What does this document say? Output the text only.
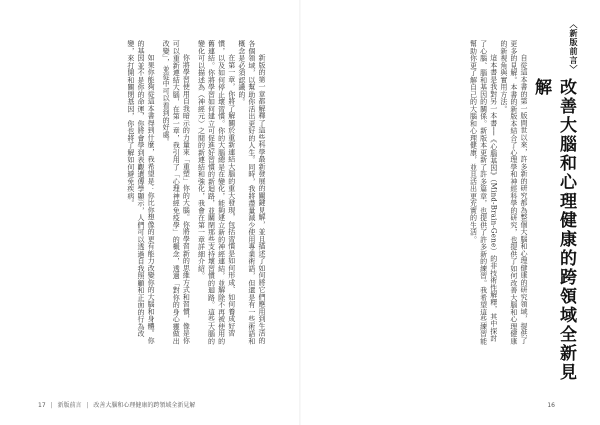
新版的第一章都解釋了這些科學最新發展的關鍵見解，並且描述了如何將它們應用到生活的各個領域，以幫助你活出更好的人生。同時，我將盡量減少使用專業術語，但還是有一些術語和概念是必須認識的。

在第一章，你將了解關於重新連結大腦的重大發現，包括習慣是如何形成、如何養成好習慣，以及如何停止壞習慣。你的大腦總是在變化，能夠建立新的神經連結，並解除不再被使用的舊連結。你將學習如何建立可促進好習慣的新迴路，並關閉那些支持壞習慣的迴路。這些大腦的變化可以描述為（神經元）之間的新連結和強化，我會在第一章詳細介紹。

你將學習使用自我暗示的力量來「重塑」你的大腦。你將學習新的思維方式和習慣，像是你可以重新連結大腦，在第一章，我引用了「心理神經免疫學」的概念，透過「對你的身心靈做出改變」，並從中可以看到的好處。

如果你能夠從這本書得到什麼，我希望是：你比你想像的更有能力改變你的大腦和身體。你的基因並不是你的命運，你將會學到表觀遺傳學顯示，人們可以透過自我照顧和正面的行為改變，來打開和關閉基因，你也將了解如何避免疾病。

17 | 新版前言 | 改善大腦和心理健康的跨領域全新見解
〈新版前言〉
改善大腦和心理健康的跨領域全新見解

自從這本書的第一版問世以來，許多新的研究都為整個大腦和心理健康的研究領域，提供了更多的見解。本書的新版本結合了心理學和神經科學的研究，也提供了如何改善大腦和心理健康的新視角與實用方法。

這本書是我對另一本書──《心腦基因》（Mind-Brain-Gene）的非技術性解釋，其中探討了心腦、腦和基因的關係。新版本更新了許多篇章，也提供了許多新的練習。我希望這些練習能幫助你更了解自己的大腦和心理健康，並且活出更充實的生活。

16
